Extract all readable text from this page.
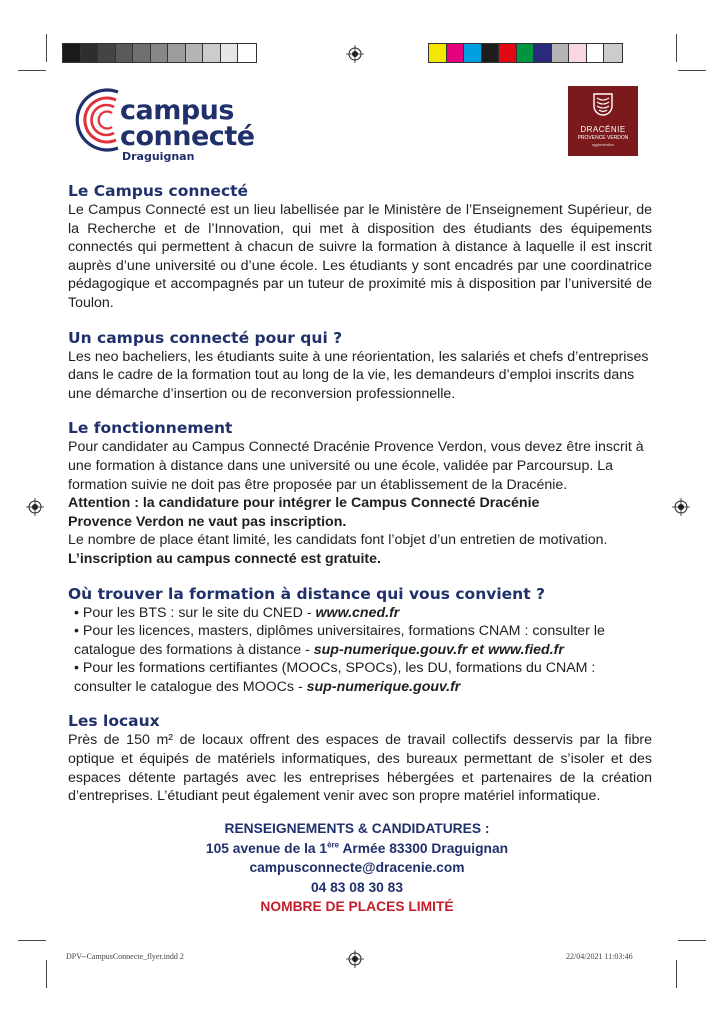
campus
connecté
Draguignan
DRACÉNIE
PROVENCE VERDON
agglomération
Le Campus connecté

Le Campus Connecté est un lieu labellisée par le Ministère de l’Enseignement Supérieur, de la Recherche et de l’Innovation, qui met à disposition des étudiants des équipements connectés qui permettent à chacun de suivre la formation à distance à laquelle il est inscrit auprès d’une université ou d’une école. Les étudiants y sont encadrés par une coordinatrice pédagogique et accompagnés par un tuteur de proximité mis à disposition par l’université de Toulon.

Un campus connecté pour qui ?

Les neo bacheliers, les étudiants suite à une réorientation, les salariés et chefs d’entreprises dans le cadre de la formation tout au long de la vie, les demandeurs d’emploi inscrits dans une démarche d’insertion ou de reconversion professionnelle.

Le fonctionnement

Pour candidater au Campus Connecté Dracénie Provence Verdon, vous devez être inscrit à une formation à distance dans une université ou une école, validée par Parcoursup. La formation suivie ne doit pas être proposée par un établissement de la Dracénie.

Attention : la candidature pour intégrer le Campus Connecté Dracénie Provence Verdon ne vaut pas inscription.

Le nombre de place étant limité, les candidats font l’objet d’un entretien de motivation.

L’inscription au campus connecté est gratuite.

Où trouver la formation à distance qui vous convient ?

• Pour les BTS : sur le site du CNED - www.cned.fr

• Pour les licences, masters, diplômes universitaires, formations CNAM : consulter le catalogue des formations à distance - sup-numerique.gouv.fr et www.fied.fr

• Pour les formations certifiantes (MOOCs, SPOCs), les DU, formations du CNAM : consulter le catalogue des MOOCs - sup-numerique.gouv.fr

Les locaux

Près de 150 m² de locaux offrent des espaces de travail collectifs desservis par la fibre optique et équipés de matériels informatiques, des bureaux permettant de s’isoler et des espaces détente partagés avec les entreprises hébergées et partenaires de la création d’entreprises. L’étudiant peut également venir avec son propre matériel informatique.

RENSEIGNEMENTS & CANDIDATURES :
105 avenue de la 1ère Armée 83300 Draguignan
campusconnecte@dracenie.com
04 83 08 30 83
NOMBRE DE PLACES LIMITÉ
DPV--CampusConnecte_flyer.indd 2	22/04/2021 11:03:46
